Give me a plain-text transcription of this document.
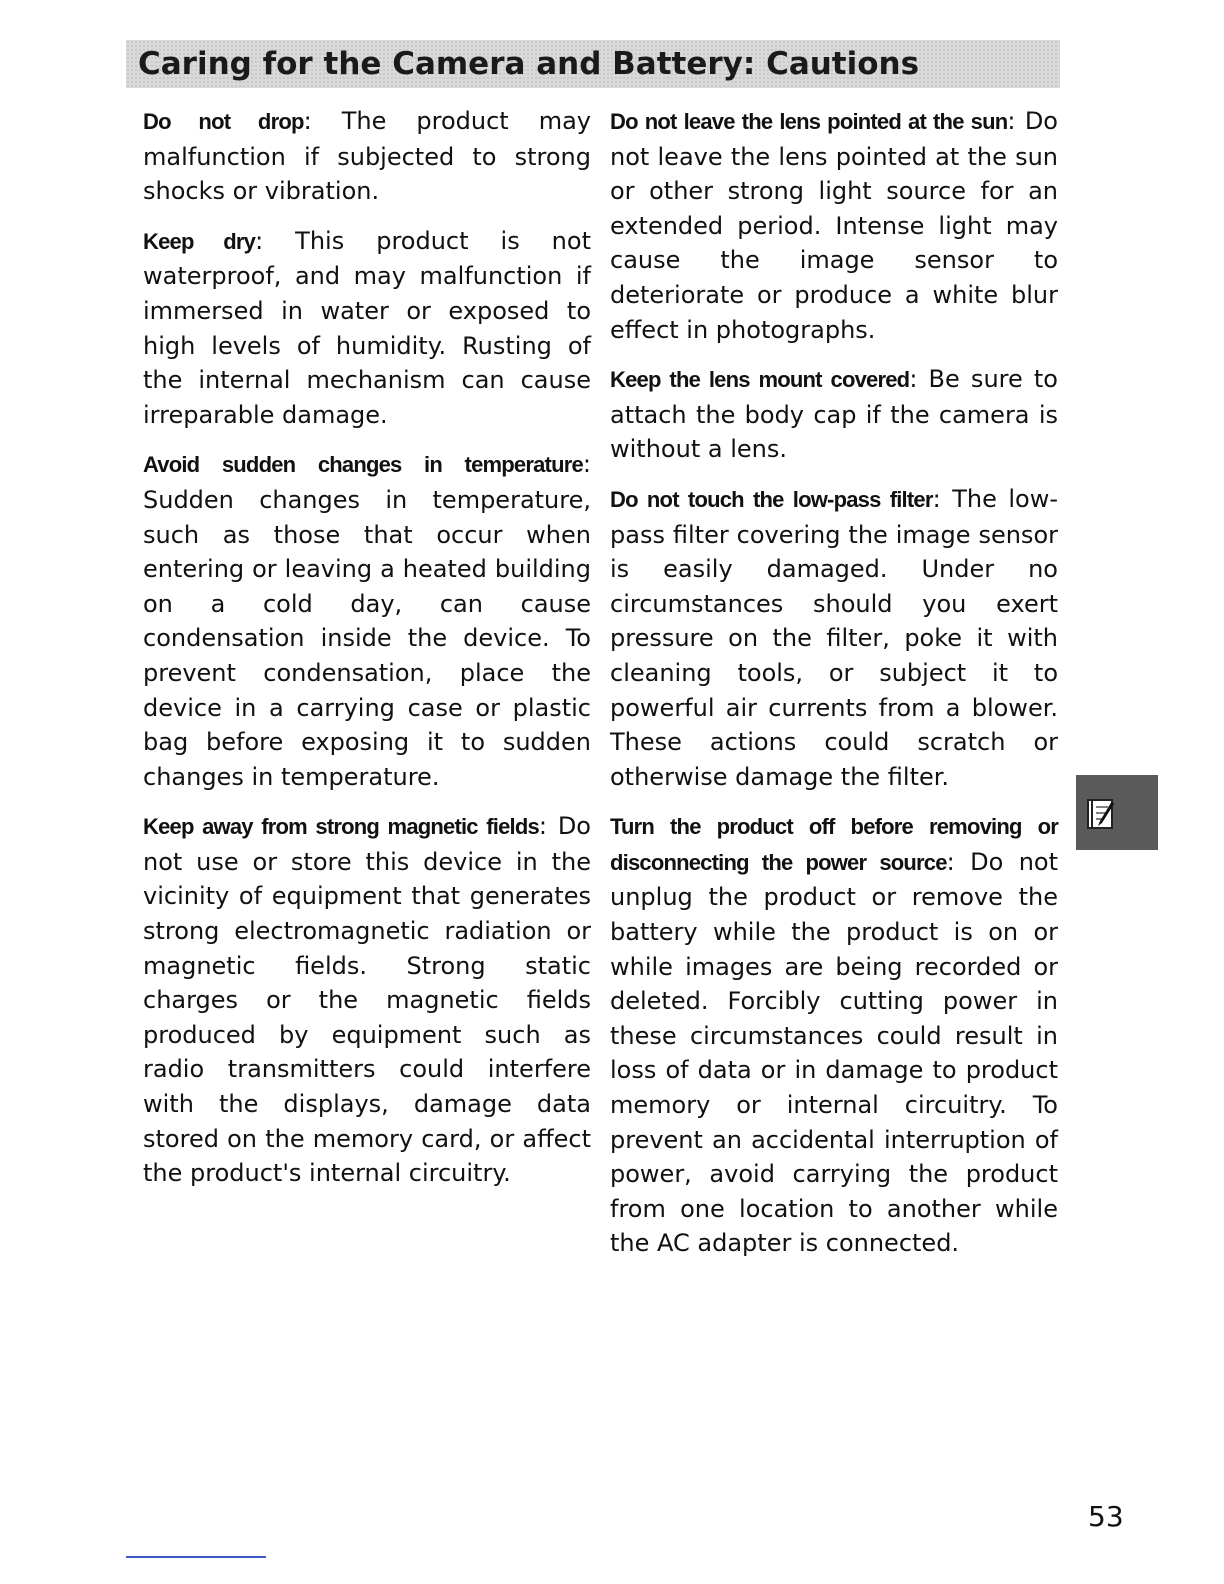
Caring for the Camera and Battery: Cautions

Do not drop: The product may malfunction if subjected to strong shocks or vibration.

Keep dry: This product is not waterproof, and may malfunction if immersed in water or exposed to high levels of humidity. Rusting of the internal mechanism can cause irreparable damage.

Avoid sudden changes in temperature: Sudden changes in temperature, such as those that occur when entering or leaving a heated building on a cold day, can cause condensation inside the device. To prevent condensation, place the device in a carrying case or plastic bag before exposing it to sudden changes in temperature.

Keep away from strong magnetic fields: Do not use or store this device in the vicinity of equipment that generates strong electromagnetic radiation or magnetic fields. Strong static charges or the magnetic fields produced by equipment such as radio transmitters could interfere with the displays, damage data stored on the memory card, or affect the product's internal circuitry.

Do not leave the lens pointed at the sun: Do not leave the lens pointed at the sun or other strong light source for an extended period. Intense light may cause the image sensor to deteriorate or produce a white blur effect in photographs.

Keep the lens mount covered: Be sure to attach the body cap if the camera is without a lens.

Do not touch the low-pass filter: The low-pass filter covering the image sensor is easily damaged. Under no circumstances should you exert pressure on the filter, poke it with cleaning tools, or subject it to powerful air currents from a blower. These actions could scratch or otherwise damage the filter.

Turn the product off before removing or disconnecting the power source: Do not unplug the product or remove the battery while the product is on or while images are being recorded or deleted. Forcibly cutting power in these circumstances could result in loss of data or in damage to product memory or internal circuitry. To prevent an accidental interruption of power, avoid carrying the product from one location to another while the AC adapter is connected.

53
